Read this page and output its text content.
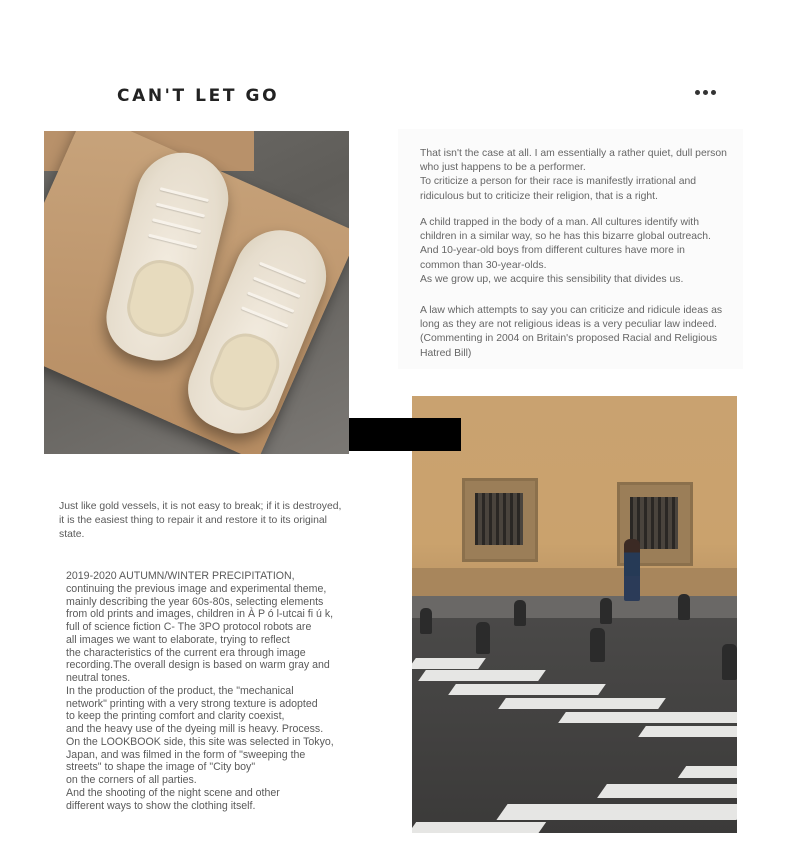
CAN'T LET GO
That isn't the case at all. I am essentially a rather quiet, dull person
who just happens to be a performer.
To criticize a person for their race is manifestly irrational and
ridiculous but to criticize their religion, that is a right.
A child trapped in the body of a man. All cultures identify with
children in a similar way, so he has this bizarre global outreach.
And 10-year-old boys from different cultures have more in
common than 30-year-olds.
As we grow up, we acquire this sensibility that divides us.
A law which attempts to say you can criticize and ridicule ideas as
long as they are not religious ideas is a very peculiar law indeed.
(Commenting in 2004 on Britain's proposed Racial and Religious
Hatred Bill)
Just like gold vessels, it is not easy to break; if it is destroyed,
it is the easiest thing to repair it and restore it to its original
state.
2019-2020 AUTUMN/WINTER PRECIPITATION,
continuing the previous image and experimental theme,
mainly describing the year 60s-80s, selecting elements
from old prints and images, children in À P ó l-utcai fi ú k,
full of science fiction C- The 3PO protocol robots are
all images we want to elaborate, trying to reflect
the characteristics of the current era through image
recording.The overall design is based on warm gray and
neutral tones.
In the production of the product, the "mechanical
network" printing with a very strong texture is adopted
to keep the printing comfort and clarity coexist,
and the heavy use of the dyeing mill is heavy. Process.
On the LOOKBOOK side, this site was selected in Tokyo,
Japan, and was filmed in the form of "sweeping the
streets" to shape the image of "City boy"
on the corners of all parties.
And the shooting of the night scene and other
different ways to show the clothing itself.
